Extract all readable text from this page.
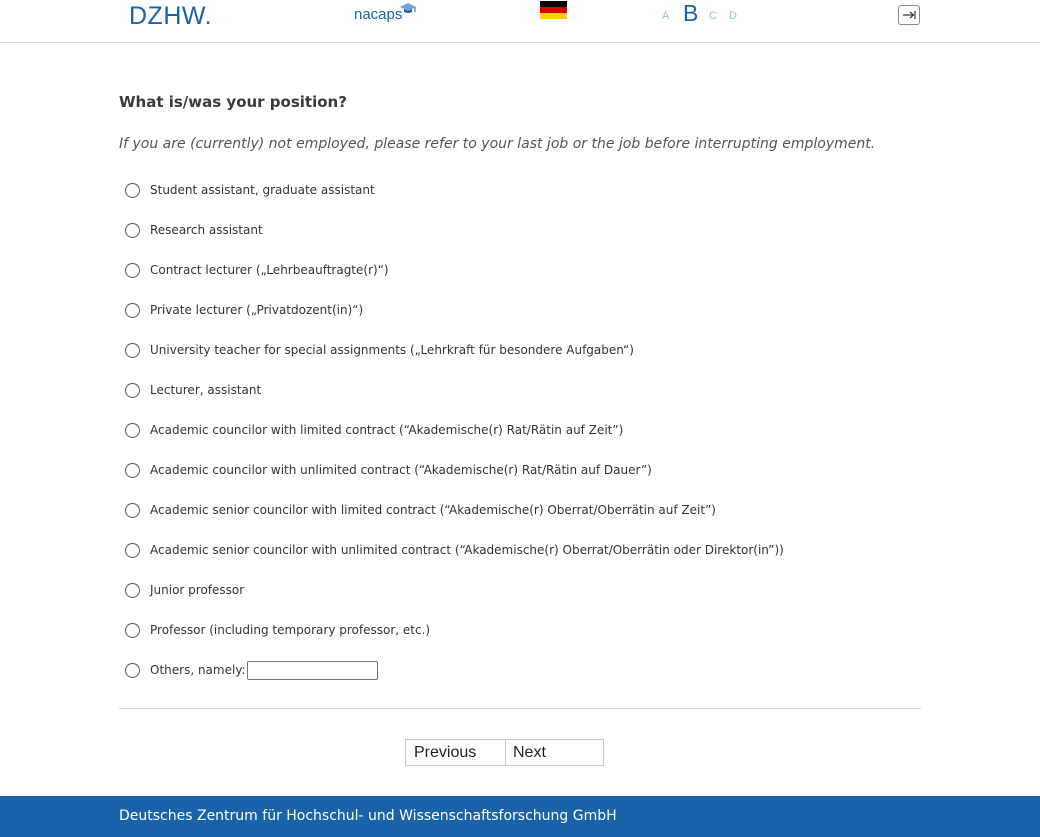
DZHW.	nacaps	A B C D
What is/was your position?
If you are (currently) not employed, please refer to your last job or the job before interrupting employment.
Student assistant, graduate assistant
Research assistant
Contract lecturer („Lehrbeauftragte(r)“)
Private lecturer („Privatdozent(in)“)
University teacher for special assignments („Lehrkraft für besondere Aufgaben“)
Lecturer, assistant
Academic councilor with limited contract (“Akademische(r) Rat/Rätin auf Zeit”)
Academic councilor with unlimited contract (“Akademische(r) Rat/Rätin auf Dauer”)
Academic senior councilor with limited contract (“Akademische(r) Oberrat/Oberrätin auf Zeit”)
Academic senior councilor with unlimited contract (“Akademische(r) Oberrat/Oberrätin oder Direktor(in”))
Junior professor
Professor (including temporary professor, etc.)
Others, namely:
Previous Next
Deutsches Zentrum für Hochschul- und Wissenschaftsforschung GmbH
